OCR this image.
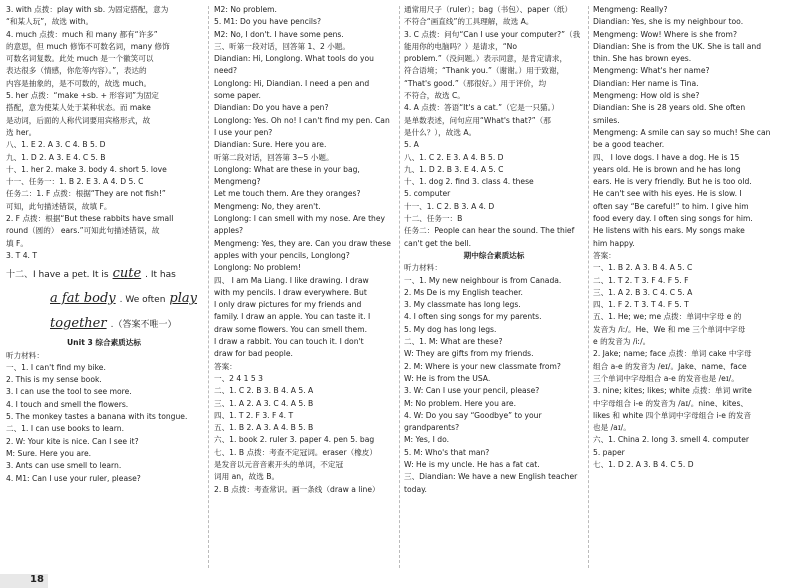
3. with 点拨：play with sb. 为固定搭配，意为
“和某人玩”，故选 with。
4. much 点拨：much 和 many 都有“许多”
的意思，但 much 修饰不可数名词，many 修饰
可数名词复数。此处 much 是一个徽笑可以
表达很多（情感，你危等内容）。”，表达的
内容是抽象的，是不可数的，故选 much。
5. her 点拨：“make +sb. + 形容词”为固定
搭配，意为使某人处于某种状态。而 make
是动词，后面的人称代词要用宾格形式，故
选 her。
八、1. E 2. A 3. C 4. B 5. D
九、1. D 2. A 3. E 4. C 5. B
十、1. her 2. make 3. body 4. short 5. love
十一、任务一：1. B 2. E 3. A 4. D 5. C
任务二：1. F 点拨：根据“They are not fish!”
可知，此句描述错误，故填 F。
2. F 点拨：根据“But these rabbits have small
round（圆的） ears.”可知此句描述错误，故
填 F。
3. T 4. T
十二、I have a pet. It is cute . It has
a fat body . We often play
together .（答案不唯一）
Unit 3 综合素质达标
听力材料：
一、1. I can't find my bike.
2. This is my sense book.
3. I can use the tool to see more.
4. I touch and smell the flowers.
5. The monkey tastes a banana with its tongue.
二、1. I can use books to learn.
2. W: Your kite is nice. Can I see it?
M: Sure. Here you are.
3. Ants can use smell to learn.
4. M1: Can I use your ruler, please?
M2: No problem.
5. M1: Do you have pencils?
M2: No, I don't. I have some pens.
三、听第一段对话，回答第 1、2 小题。
Diandian: Hi, Longlong. What tools do you need?
Longlong: Hi, Diandian. I need a pen and
some paper.
Diandian: Do you have a pen?
Longlong: Yes. Oh no! I can't find my pen. Can
I use your pen?
Diandian: Sure. Here you are.
听第二段对话，回答第 3~5 小题。
Longlong: What are these in your bag, Mengmeng?
Let me touch them. Are they oranges?
Mengmeng: No, they aren't.
Longlong: I can smell with my nose. Are they
apples?
Mengmeng: Yes, they are. Can you draw these
apples with your pencils, Longlong?
Longlong: No problem!
四、 I am Ma Liang. I like drawing. I draw
with my pencils. I draw everywhere. But
I only draw pictures for my friends and
family. I draw an apple. You can taste it. I
draw some flowers. You can smell them.
I draw a rabbit. You can touch it. I don't
draw for bad people.
答案：
一、2 4 1 5 3
二、1. C 2. B 3. B 4. A 5. A
三、1. A 2. A 3. C 4. A 5. B
四、1. T 2. F 3. F 4. T
五、1. B 2. A 3. A 4. B 5. B
六、1. book 2. ruler 3. paper 4. pen 5. bag
七、1. B 点拨：考查不定冠词。eraser（橡皮）
是发音以元音音素开头的单词，不定冠
词用 an，故选 B。
2. B 点拨：考查常识。画一条线（draw a line）
通常用尺子（ruler）；bag（书包）、paper（纸）
不符合“画直线”的工具理解，故选 A。
3. C 点拨：问句“Can I use your computer?”（我
能用你的电脑吗？）是请求，“No
problem.”（没问题。）表示同意，是肯定请求，
符合语境；“Thank you.”（谢谢。）用于致谢，
“That's good.”（那很好。）用于评价，均
不符合，故选 C。
4. A 点拨：答语“It's a cat.”（它是一只猫。）
是单数表述，问句应用“What's that?”（那
是什么？），故选 A。
5. A
八、1. C 2. E 3. A 4. B 5. D
九、1. D 2. B 3. E 4. A 5. C
十、1. dog 2. find 3. class 4. these
5. computer
十一、1. C 2. B 3. A 4. D
十二、任务一：B
任务二：People can hear the sound. The thief
can't get the bell.
期中综合素质达标
听力材料：
一、1. My new neighbour is from Canada.
2. Ms De is my English teacher.
3. My classmate has long legs.
4. I often sing songs for my parents.
5. My dog has long legs.
二、1. M: What are these?
W: They are gifts from my friends.
2. M: Where is your new classmate from?
W: He is from the USA.
3. W: Can I use your pencil, please?
M: No problem. Here you are.
4. W: Do you say “Goodbye” to your grandparents?
M: Yes, I do.
5. M: Who's that man?
W: He is my uncle. He has a fat cat.
三、Diandian: We have a new English teacher
today.
Mengmeng: Really?
Diandian: Yes, she is my neighbour too.
Mengmeng: Wow! Where is she from?
Diandian: She is from the UK. She is tall and
thin. She has brown eyes.
Mengmeng: What's her name?
Diandian: Her name is Tina.
Mengmeng: How old is she?
Diandian: She is 28 years old. She often
smiles.
Mengmeng: A smile can say so much! She can
be a good teacher.
四、 I love dogs. I have a dog. He is 15
years old. He is brown and he has long
ears. He is very friendly. But he is too old.
He can't see with his eyes. He is slow. I
often say “Be careful!” to him. I give him
food every day. I often sing songs for him.
He listens with his ears. My songs make
him happy.
答案：
一、1. B 2. A 3. B 4. A 5. C
二、1. T 2. T 3. F 4. F 5. F
三、1. A 2. B 3. C 4. C 5. A
四、1. F 2. T 3. T 4. F 5. T
五、1. He; we; me 点拨：单词中字母 e 的
发音为 /iː/。He、We 和 me 三个单词中字母
e 的发音为 /iː/。
2. Jake; name; face 点拨：单词 cake 中字母
组合 a-e 的发音为 /eɪ/。Jake、name、face
三个单词中字母组合 a-e 的发音也是 /eɪ/。
3. nine; kites; likes; white 点拨：单词 write
中字母组合 i-e 的发音为 /aɪ/。nine、kites、
likes 和 white 四个单词中字母组合 i-e 的发音
也是 /aɪ/。
六、1. China 2. long 3. smell 4. computer
5. paper
七、1. D 2. A 3. B 4. C 5. D
18
